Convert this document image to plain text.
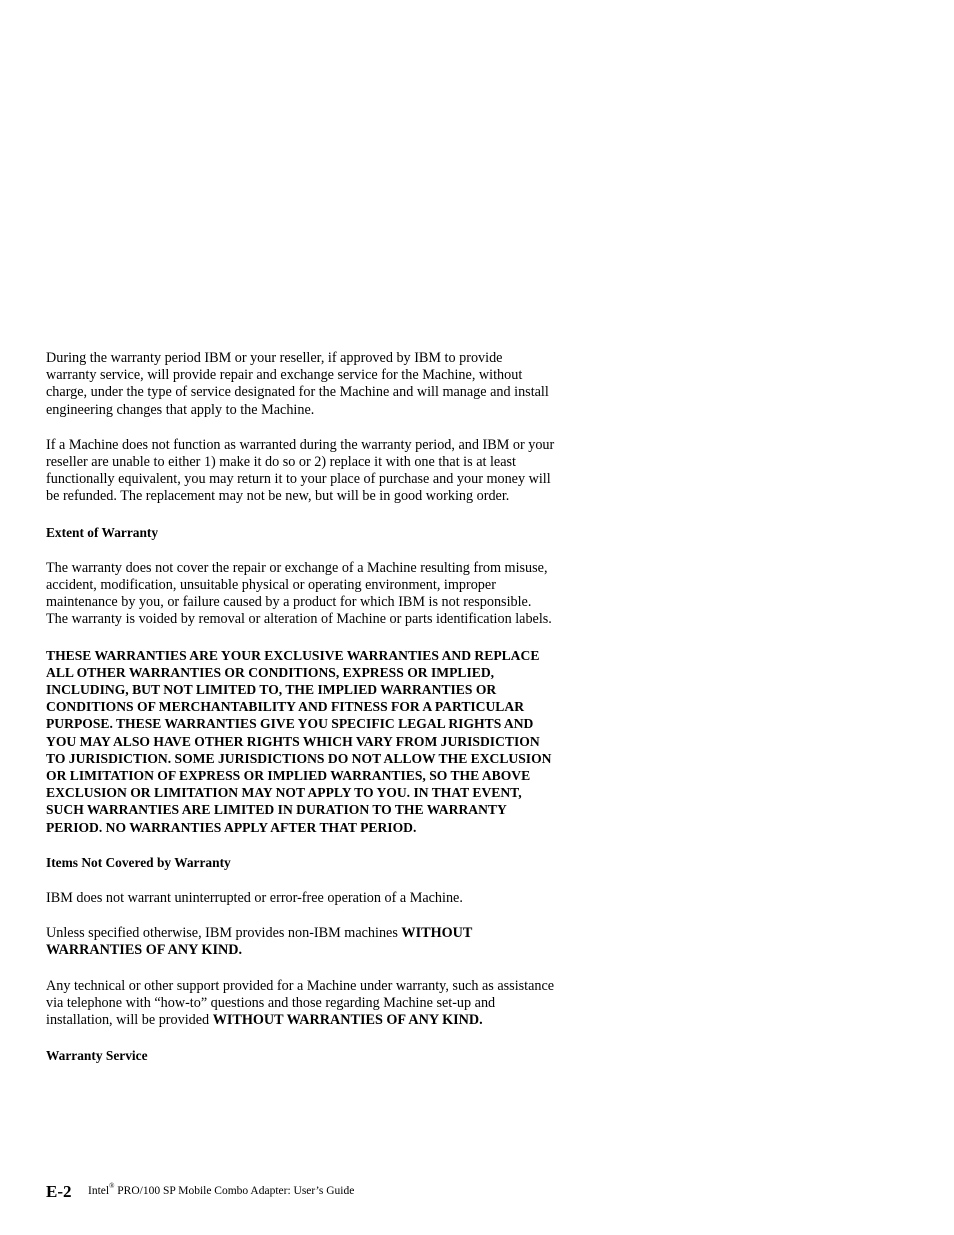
During the warranty period IBM or your reseller, if approved by IBM to provide warranty service, will provide repair and exchange service for the Machine, without charge, under the type of service designated for the Machine and will manage and install engineering changes that apply to the Machine.

If a Machine does not function as warranted during the warranty period, and IBM or your reseller are unable to either 1) make it do so or 2) replace it with one that is at least functionally equivalent, you may return it to your place of purchase and your money will be refunded. The replacement may not be new, but will be in good working order.

Extent of Warranty

The warranty does not cover the repair or exchange of a Machine resulting from misuse, accident, modification, unsuitable physical or operating environment, improper maintenance by you, or failure caused by a product for which IBM is not responsible. The warranty is voided by removal or alteration of Machine or parts identification labels.

THESE WARRANTIES ARE YOUR EXCLUSIVE WARRANTIES AND REPLACE ALL OTHER WARRANTIES OR CONDITIONS, EXPRESS OR IMPLIED, INCLUDING, BUT NOT LIMITED TO, THE IMPLIED WARRANTIES OR CONDITIONS OF MERCHANTABILITY AND FITNESS FOR A PARTICULAR PURPOSE. THESE WARRANTIES GIVE YOU SPECIFIC LEGAL RIGHTS AND YOU MAY ALSO HAVE OTHER RIGHTS WHICH VARY FROM JURISDICTION TO JURISDICTION. SOME JURISDICTIONS DO NOT ALLOW THE EXCLUSION OR LIMITATION OF EXPRESS OR IMPLIED WARRANTIES, SO THE ABOVE EXCLUSION OR LIMITATION MAY NOT APPLY TO YOU. IN THAT EVENT, SUCH WARRANTIES ARE LIMITED IN DURATION TO THE WARRANTY PERIOD. NO WARRANTIES APPLY AFTER THAT PERIOD.

Items Not Covered by Warranty

IBM does not warrant uninterrupted or error-free operation of a Machine.

Unless specified otherwise, IBM provides non-IBM machines WITHOUT WARRANTIES OF ANY KIND.

Any technical or other support provided for a Machine under warranty, such as assistance via telephone with “how-to” questions and those regarding Machine set-up and installation, will be provided WITHOUT WARRANTIES OF ANY KIND.

Warranty Service

E-2 Intel® PRO/100 SP Mobile Combo Adapter: User’s Guide
